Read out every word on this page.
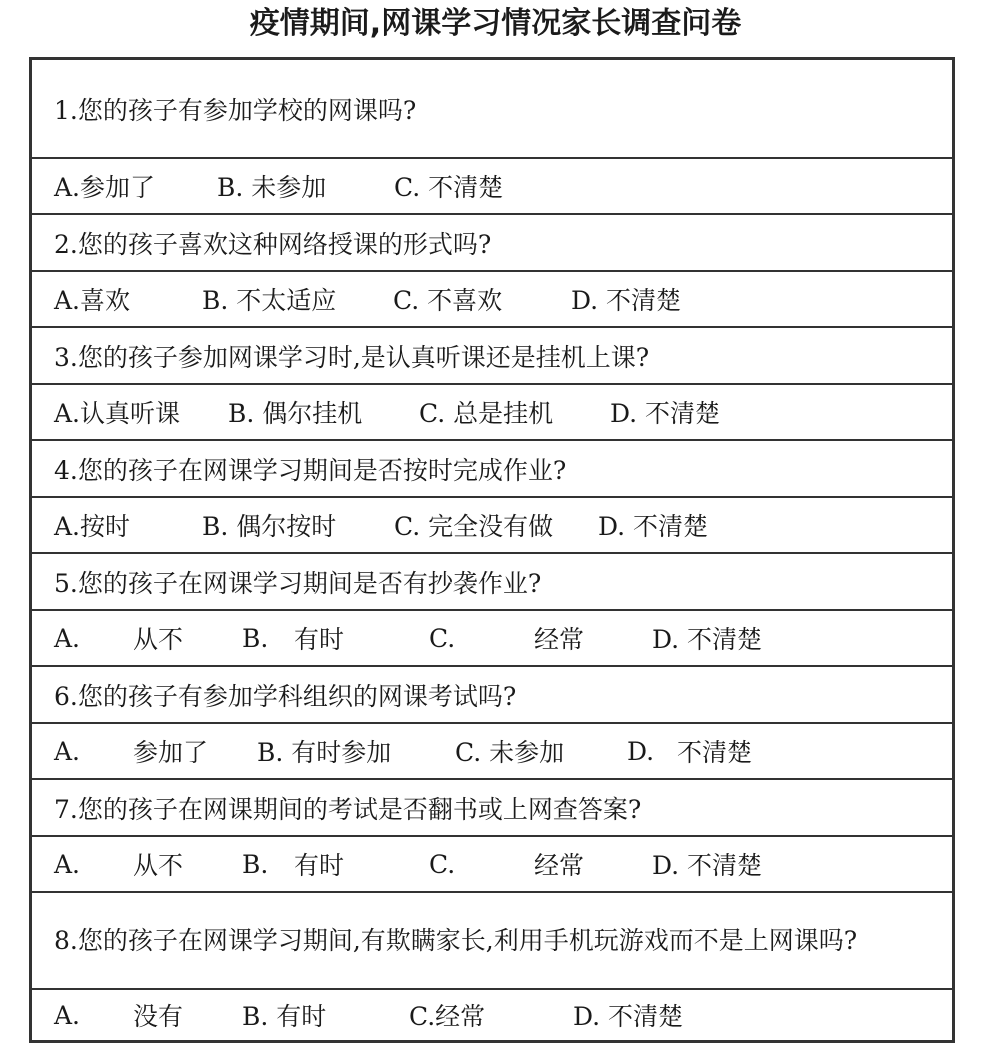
疫情期间,网课学习情况家长调查问卷
1.您的孩子有参加学校的网课吗?
A.参加了 B. 未参加	C. 不清楚
2.您的孩子喜欢这种网络授课的形式吗?
A.喜欢	B. 不太适应 C. 不喜欢	D. 不清楚
3.您的孩子参加网课学习时,是认真听课还是挂机上课?
A.认真听课 B. 偶尔挂机 C. 总是挂机 D. 不清楚
4.您的孩子在网课学习期间是否按时完成作业?
A.按时	B. 偶尔按时 C. 完全没有做 D. 不清楚
5.您的孩子在网课学习期间是否有抄袭作业?
A. 从不 B. 有时	C.	经常	D. 不清楚
6.您的孩子有参加学科组织的网课考试吗?
A. 参加了 B. 有时参加	C. 未参加	D. 不清楚
7.您的孩子在网课期间的考试是否翻书或上网查答案?
A. 从不 B. 有时	C.	经常	D. 不清楚
8.您的孩子在网课学习期间,有欺瞒家长,利用手机玩游戏而不是上网课吗?
A. 没有 B. 有时	C.经常	D. 不清楚
